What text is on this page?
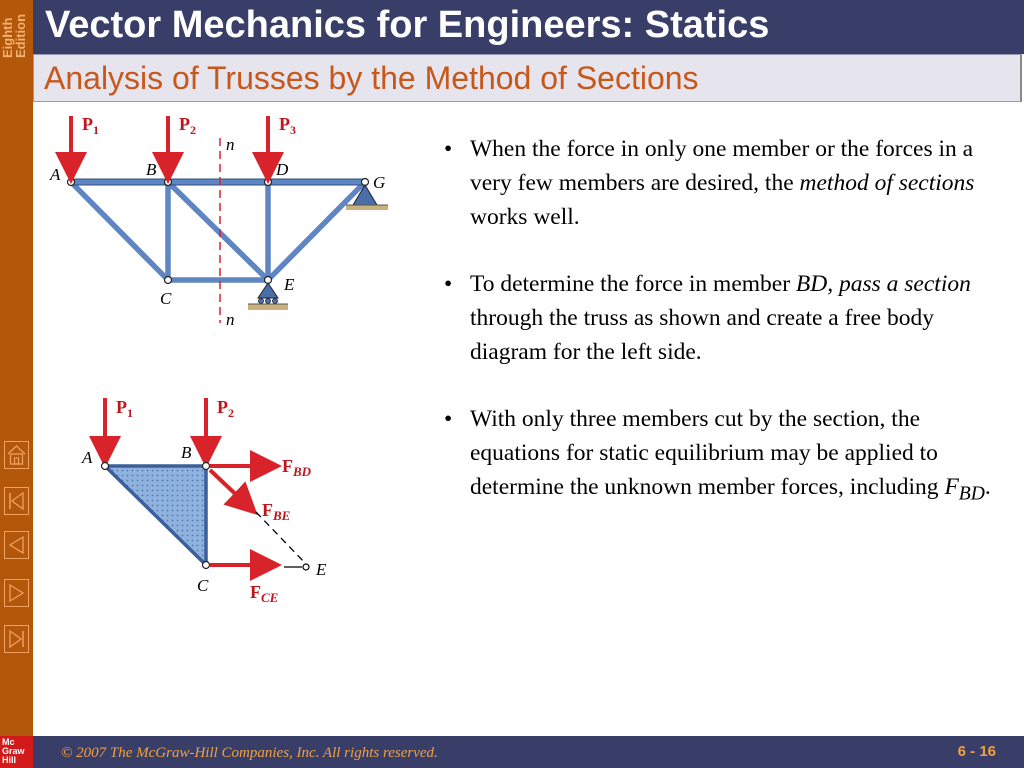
Eighth
Edition
Mc
Graw
Hill
Vector Mechanics for Engineers: Statics
Analysis of Trusses by the Method of Sections
n
n
$P_1$	$P_2$	$P_3$
A	B
C
D
E
G
$P_1$	$P_2$
A	B
C
E
$F_{BD}$
$F_{BE}$
$F_{CE}$
• When the force in only one member or the forces in a very few members are desired, the method of sections works well.
• To determine the force in member BD, pass a section through the truss as shown and create a free body diagram for the left side.
• With only three members cut by the section, the equations for static equilibrium may be applied to determine the unknown member forces, including $F_{BD}$.
© 2007 The McGraw-Hill Companies, Inc. All rights reserved.	6 - 16
